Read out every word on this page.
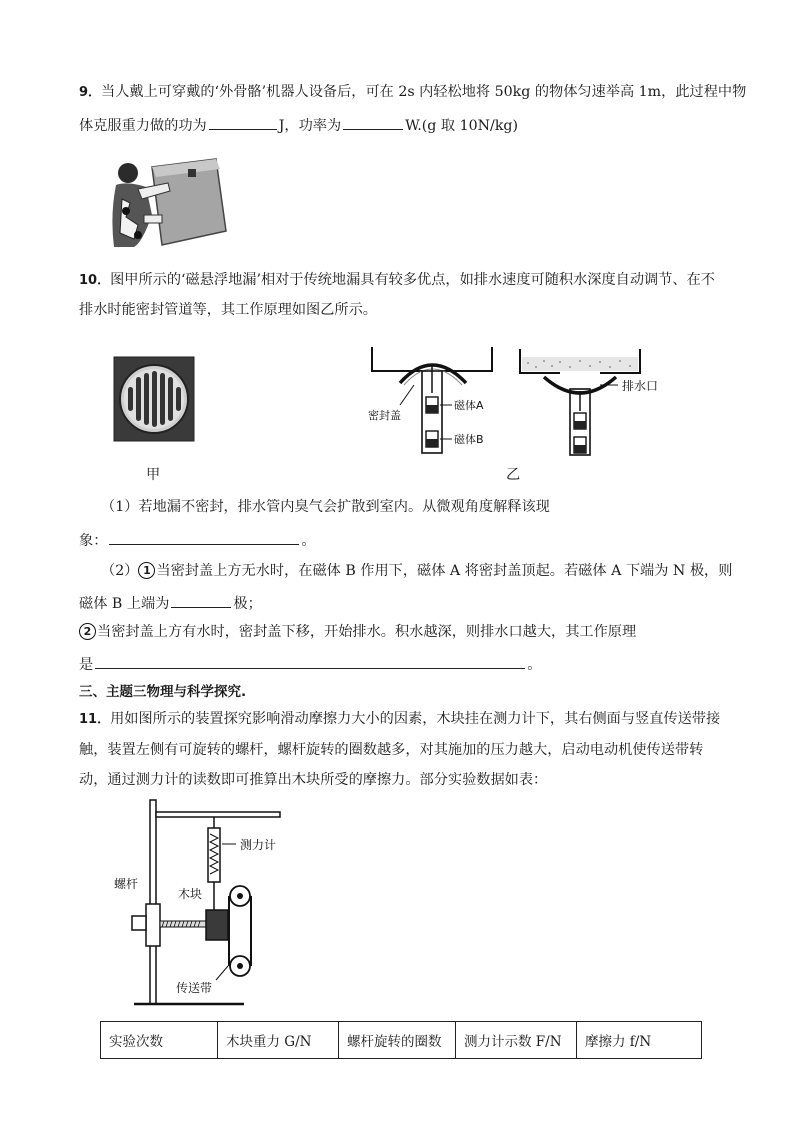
9．当人戴上可穿戴的‘外骨骼’机器人设备后，可在 2s 内轻松地将 50kg 的物体匀速举高 1m，此过程中物
体克服重力做的功为	J，功率为	W.(g 取 10N/kg)
10．图甲所示的‘磁悬浮地漏’相对于传统地漏具有较多优点，如排水速度可随积水深度自动调节、在不
排水时能密封管道等，其工作原理如图乙所示。
甲
密封盖
磁体A
磁体B
排水口
乙
（1）若地漏不密封，排水管内臭气会扩散到室内。从微观角度解释该现
象：	。
（2） 1 当密封盖上方无水时，在磁体 B 作用下，磁体 A 将密封盖顶起。若磁体 A 下端为 N 极，则
磁体 B 上端为	极；
2 当密封盖上方有水时，密封盖下移，开始排水。积水越深，则排水口越大，其工作原理
是	。
三、主题三物理与科学探究.
11．用如图所示的装置探究影响滑动摩擦力大小的因素，木块挂在测力计下，其右侧面与竖直传送带接
触，装置左侧有可旋转的螺杆，螺杆旋转的圈数越多，对其施加的压力越大，启动电动机使传送带转
动，通过测力计的读数即可推算出木块所受的摩擦力。部分实验数据如表：
测力计
螺杆
木块
传送带
实验次数	木块重力 G/N	螺杆旋转的圈数	测力计示数 F/N	摩擦力 f/N
